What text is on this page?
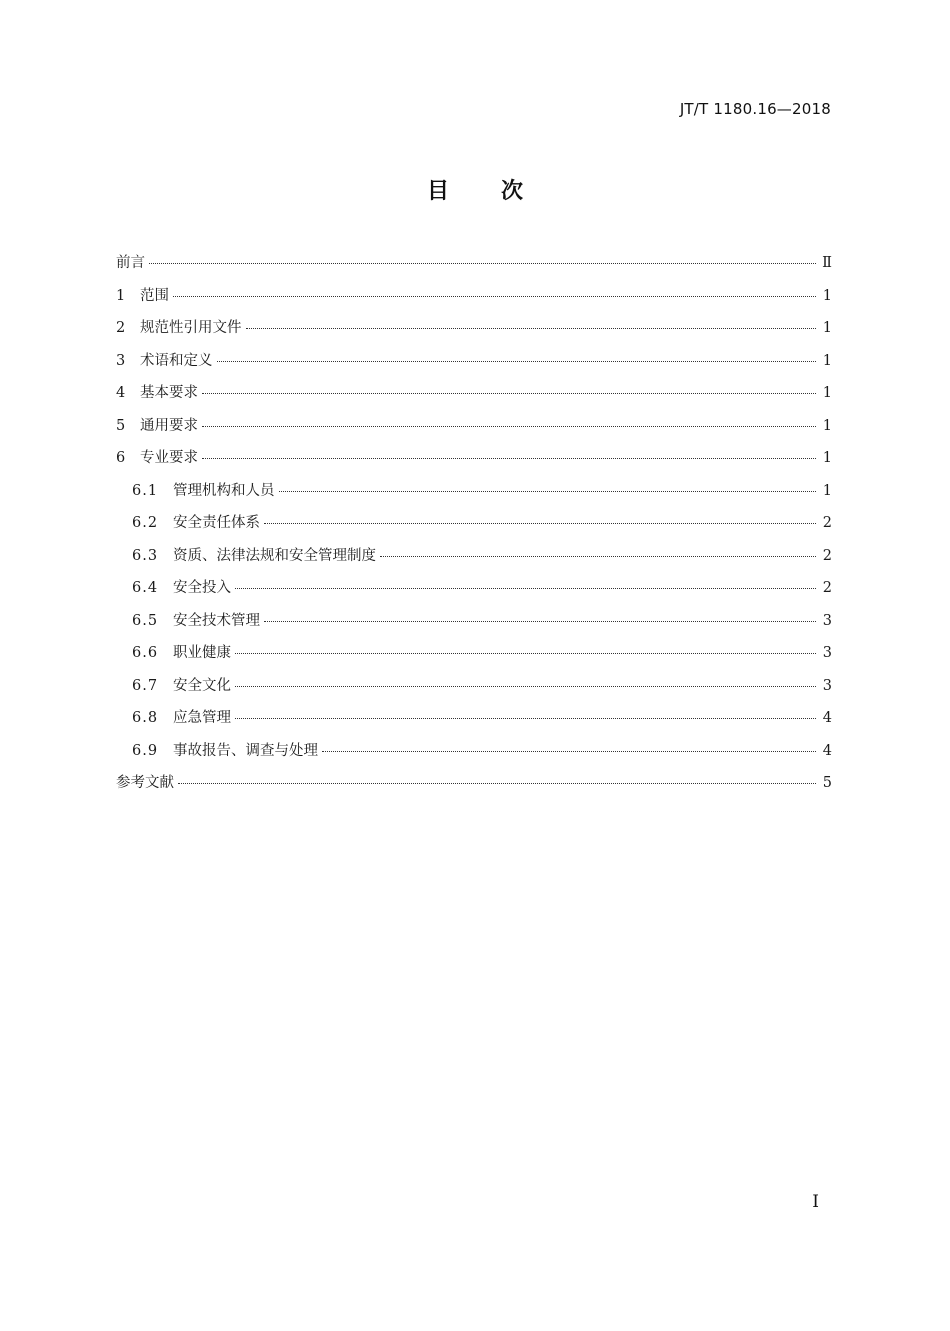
JT/T 1180.16—2018
目 次
前言	Ⅱ
1	范围	1
2	规范性引用文件	1
3	术语和定义	1
4	基本要求	1
5	通用要求	1
6	专业要求	1
6.1	管理机构和人员	1
6.2	安全责任体系	2
6.3	资质、法律法规和安全管理制度	2
6.4	安全投入	2
6.5	安全技术管理	3
6.6	职业健康	3
6.7	安全文化	3
6.8	应急管理	4
6.9	事故报告、调查与处理	4
参考文献	5
I
